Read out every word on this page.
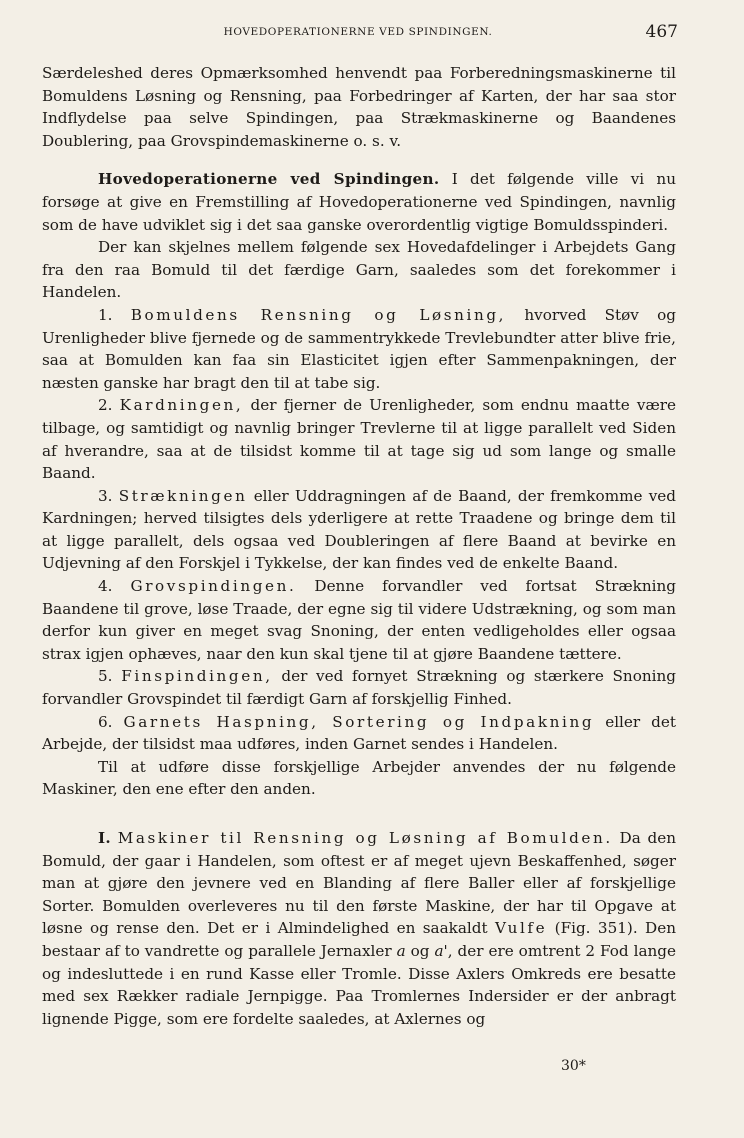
HOVEDOPERATIONERNE VED SPINDINGEN.	467

Særdeleshed deres Opmærksomhed henvendt paa Forberedningsmaskinerne til Bomuldens Løsning og Rensning, paa Forbedringer af Karten, der har saa stor Indflydelse paa selve Spindingen, paa Strækmaskinerne og Baandenes Doublering, paa Grovspindemaskinerne o. s. v.

Hovedoperationerne ved Spindingen. I det følgende ville vi nu forsøge at give en Fremstilling af Hovedoperationerne ved Spindingen, navnlig som de have udviklet sig i det saa ganske overordentlig vigtige Bomuldsspinderi.

Der kan skjelnes mellem følgende sex Hovedafdelinger i Arbejdets Gang fra den raa Bomuld til det færdige Garn, saaledes som det forekommer i Handelen.

1. Bomuldens Rensning og Løsning, hvorved Støv og Urenligheder blive fjernede og de sammentrykkede Trevlebundter atter blive frie, saa at Bomulden kan faa sin Elasticitet igjen efter Sammenpakningen, der næsten ganske har bragt den til at tabe sig.

2. Kardningen, der fjerner de Urenligheder, som endnu maatte være tilbage, og samtidigt og navnlig bringer Trevlerne til at ligge parallelt ved Siden af hverandre, saa at de tilsidst komme til at tage sig ud som lange og smalle Baand.

3. Strækningen eller Uddragningen af de Baand, der fremkomme ved Kardningen; herved tilsigtes dels yderligere at rette Traadene og bringe dem til at ligge parallelt, dels ogsaa ved Doubleringen af flere Baand at bevirke en Udjevning af den Forskjel i Tykkelse, der kan findes ved de enkelte Baand.

4. Grovspindingen. Denne forvandler ved fortsat Strækning Baandene til grove, løse Traade, der egne sig til videre Udstrækning, og som man derfor kun giver en meget svag Snoning, der enten vedligeholdes eller ogsaa strax igjen ophæves, naar den kun skal tjene til at gjøre Baandene tættere.

5. Finspindingen, der ved fornyet Strækning og stærkere Snoning forvandler Grovspindet til færdigt Garn af forskjellig Finhed.

6. Garnets Haspning, Sortering og Indpakning eller det Arbejde, der tilsidst maa udføres, inden Garnet sendes i Handelen.

Til at udføre disse forskjellige Arbejder anvendes der nu følgende Maskiner, den ene efter den anden.

I. Maskiner til Rensning og Løsning af Bomulden. Da den Bomuld, der gaar i Handelen, som oftest er af meget ujevn Beskaffenhed, søger man at gjøre den jevnere ved en Blanding af flere Baller eller af forskjellige Sorter. Bomulden overleveres nu til den første Maskine, der har til Opgave at løsne og rense den. Det er i Almindelighed en saakaldt Vulfe (Fig. 351). Den bestaar af to vandrette og parallele Jernaxler a og a', der ere omtrent 2 Fod lange og indesluttede i en rund Kasse eller Tromle. Disse Axlers Omkreds ere besatte med sex Rækker radiale Jernpigge. Paa Tromlernes Indersider er der anbragt lignende Pigge, som ere fordelte saaledes, at Axlernes og

30*
